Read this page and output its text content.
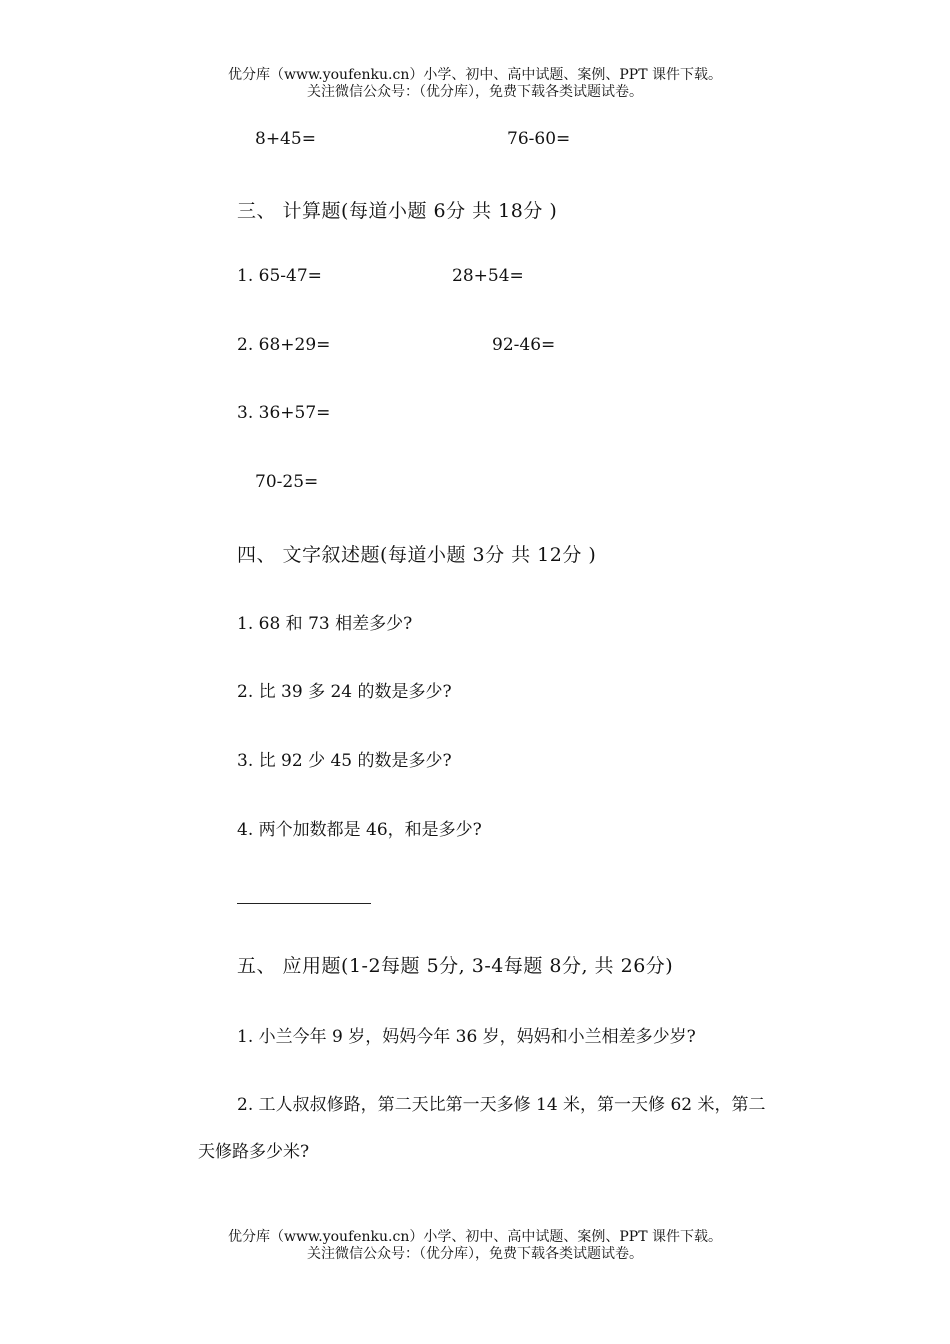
优分库（www.youfenku.cn）小学、初中、高中试题、案例、PPT 课件下载。
关注微信公众号：（优分库），免费下载各类试题试卷。
8+45=	76-60=
三、 计算题(每道小题 6分 共 18分 )
1. 65-47=	28+54=
2. 68+29=	92-46=
3. 36+57=
70-25=
四、 文字叙述题(每道小题 3分 共 12分 )
1. 68 和 73 相差多少?
2. 比 39 多 24 的数是多少?
3. 比 92 少 45 的数是多少?
4. 两个加数都是 46，和是多少?
五、 应用题(1-2每题 5分, 3-4每题 8分, 共 26分)
1. 小兰今年 9 岁，妈妈今年 36 岁，妈妈和小兰相差多少岁?
2. 工人叔叔修路，第二天比第一天多修 14 米，第一天修 62 米，第二
天修路多少米?
优分库（www.youfenku.cn）小学、初中、高中试题、案例、PPT 课件下载。
关注微信公众号：（优分库），免费下载各类试题试卷。
